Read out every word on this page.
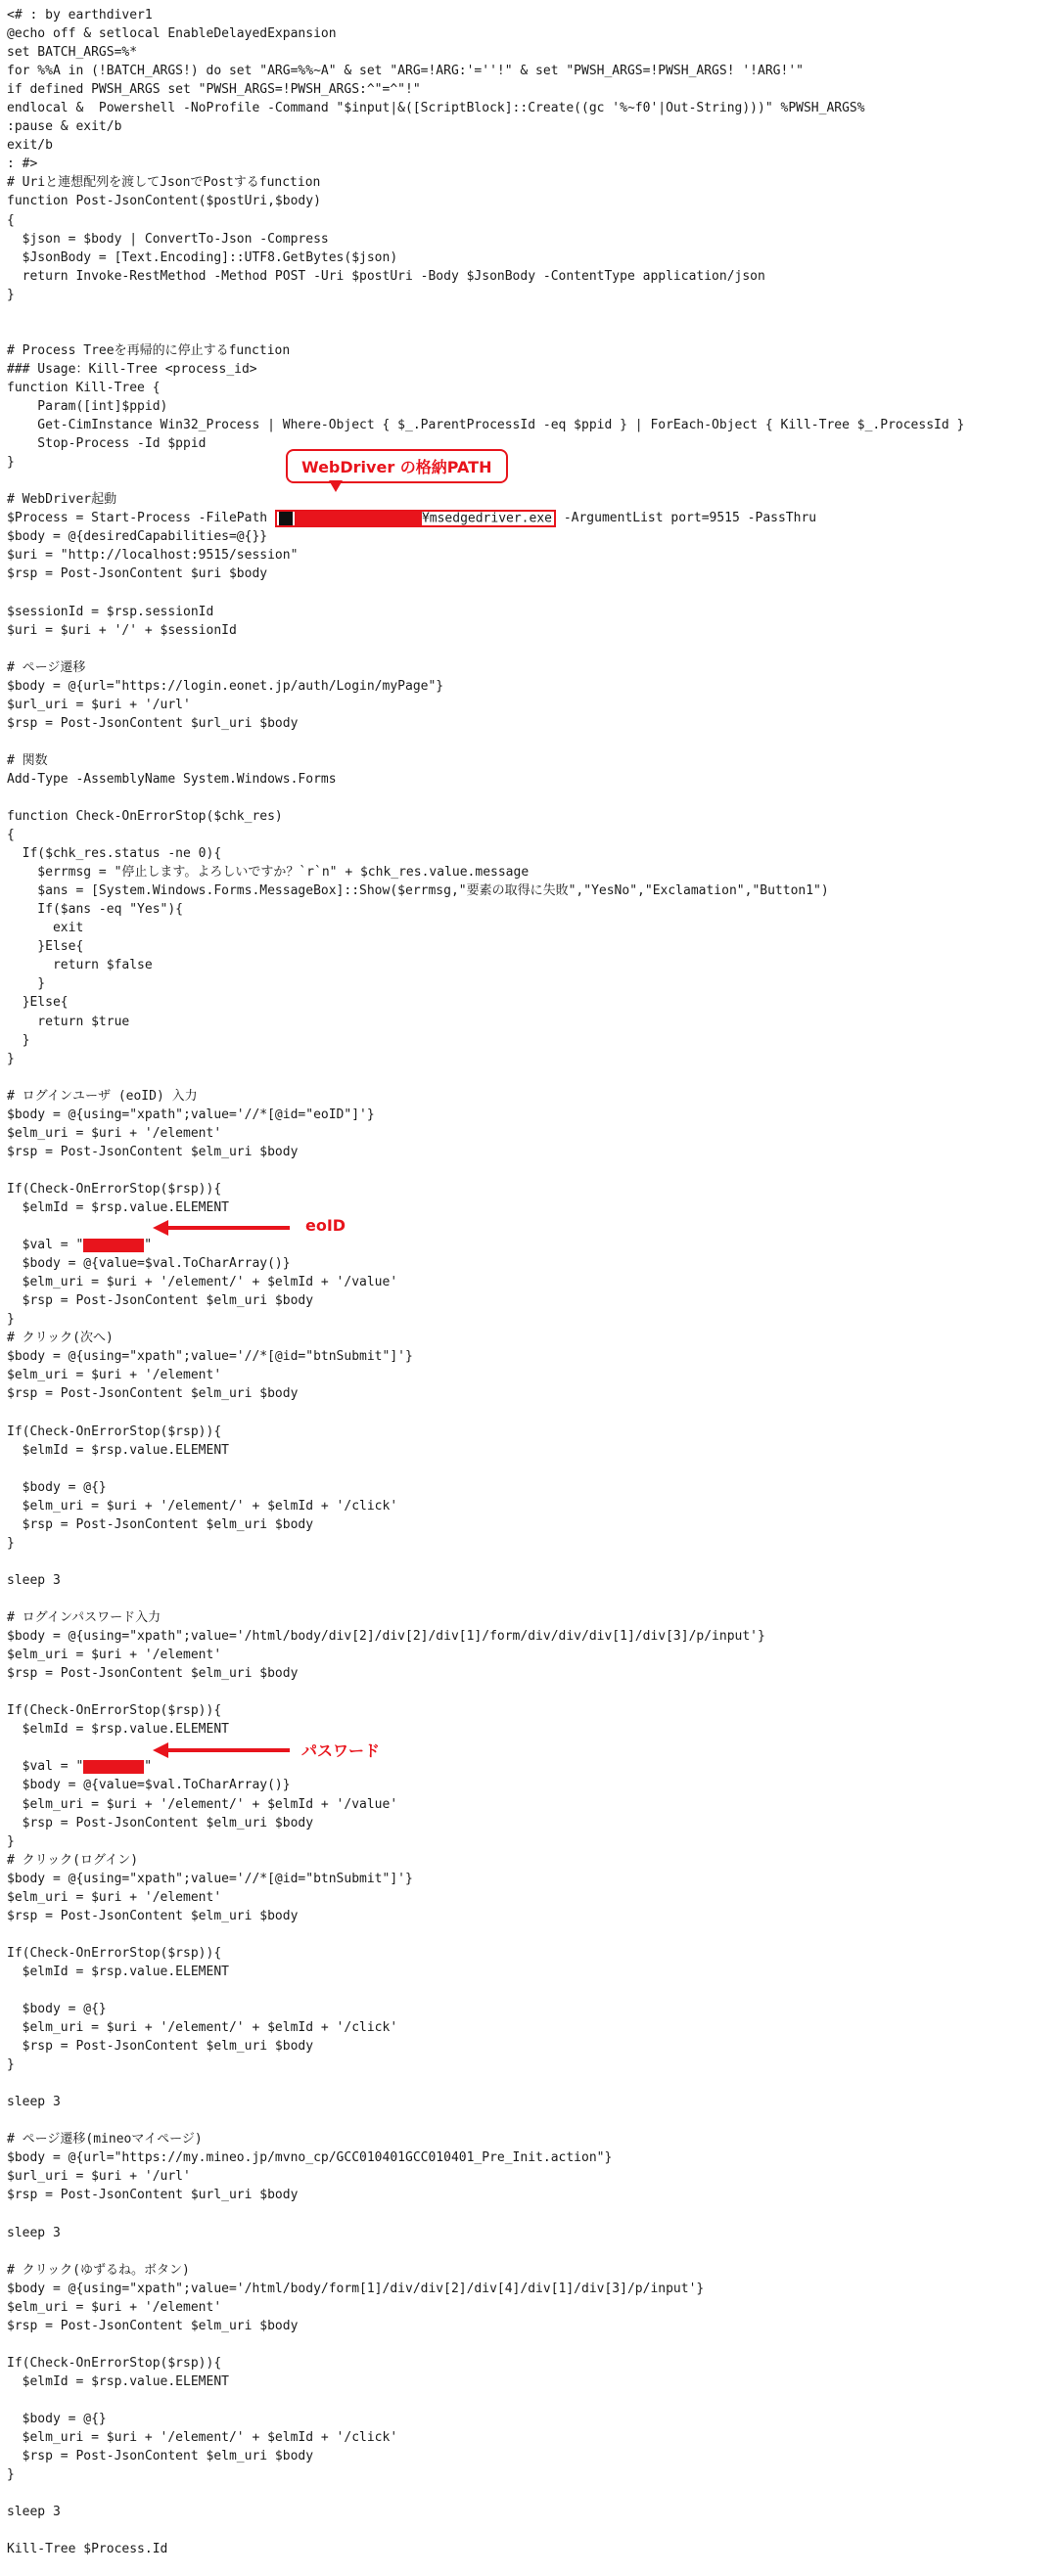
<# : by earthdiver1
@echo off & setlocal EnableDelayedExpansion
set BATCH_ARGS=%*
for %%A in (!BATCH_ARGS!) do set "ARG=%%~A" & set "ARG=!ARG:'=''!" & set "PWSH_ARGS=!PWSH_ARGS! '!ARG!'"
if defined PWSH_ARGS set "PWSH_ARGS=!PWSH_ARGS:^"=^"!"
endlocal &  Powershell -NoProfile -Command "$input|&([ScriptBlock]::Create((gc '%~f0'|Out-String)))" %PWSH_ARGS%
:pause & exit/b
exit/b
: #>
# Uriと連想配列を渡してJsonでPostするfunction
function Post-JsonContent($postUri,$body)
{
$json = $body | ConvertTo-Json -Compress
$JsonBody = [Text.Encoding]::UTF8.GetBytes($json)
return Invoke-RestMethod -Method POST -Uri $postUri -Body $JsonBody -ContentType application/json
}
# Process Treeを再帰的に停止するfunction
### Usage：Kill-Tree <process_id>
function Kill-Tree {
Param([int]$ppid)
Get-CimInstance Win32_Process | Where-Object { $_.ParentProcessId -eq $ppid } | ForEach-Object { Kill-Tree $_.ProcessId }
Stop-Process -Id $ppid
}
# WebDriver起動
$Process = Start-Process -FilePath	¥msedgedriver.exe -ArgumentList port=9515 -PassThru
$body = @{desiredCapabilities=@{}}
$uri = "http://localhost:9515/session"
$rsp = Post-JsonContent $uri $body
$sessionId = $rsp.sessionId
$uri = $uri + '/' + $sessionId
# ページ遷移
$body = @{url="https://login.eonet.jp/auth/Login/myPage"}
$url_uri = $uri + '/url'
$rsp = Post-JsonContent $url_uri $body
# 関数
Add-Type -AssemblyName System.Windows.Forms
function Check-OnErrorStop($chk_res)
{
If($chk_res.status -ne 0){
$errmsg = "停止します。よろしいですか？`r`n" + $chk_res.value.message
$ans = [System.Windows.Forms.MessageBox]::Show($errmsg,"要素の取得に失敗","YesNo","Exclamation","Button1")
If($ans -eq "Yes"){
exit
}Else{
return $false
}
}Else{
return $true
}
}
# ログインユーザ (eoID) 入力
$body = @{using="xpath";value='//*[@id="eoID"]'}
$elm_uri = $uri + '/element'
$rsp = Post-JsonContent $elm_uri $body
If(Check-OnErrorStop($rsp)){
$elmId = $rsp.value.ELEMENT
$val = "	"
$body = @{value=$val.ToCharArray()}
$elm_uri = $uri + '/element/' + $elmId + '/value'
$rsp = Post-JsonContent $elm_uri $body
}
# クリック(次へ)
$body = @{using="xpath";value='//*[@id="btnSubmit"]'}
$elm_uri = $uri + '/element'
$rsp = Post-JsonContent $elm_uri $body
If(Check-OnErrorStop($rsp)){
$elmId = $rsp.value.ELEMENT
$body = @{}
$elm_uri = $uri + '/element/' + $elmId + '/click'
$rsp = Post-JsonContent $elm_uri $body
}
sleep 3
# ログインパスワード入力
$body = @{using="xpath";value='/html/body/div[2]/div[2]/div[1]/form/div/div/div[1]/div[3]/p/input'}
$elm_uri = $uri + '/element'
$rsp = Post-JsonContent $elm_uri $body
If(Check-OnErrorStop($rsp)){
$elmId = $rsp.value.ELEMENT
$val = "	"
$body = @{value=$val.ToCharArray()}
$elm_uri = $uri + '/element/' + $elmId + '/value'
$rsp = Post-JsonContent $elm_uri $body
}
# クリック(ログイン)
$body = @{using="xpath";value='//*[@id="btnSubmit"]'}
$elm_uri = $uri + '/element'
$rsp = Post-JsonContent $elm_uri $body
If(Check-OnErrorStop($rsp)){
$elmId = $rsp.value.ELEMENT
$body = @{}
$elm_uri = $uri + '/element/' + $elmId + '/click'
$rsp = Post-JsonContent $elm_uri $body
}
sleep 3
# ページ遷移(mineoマイページ)
$body = @{url="https://my.mineo.jp/mvno_cp/GCC010401GCC010401_Pre_Init.action"}
$url_uri = $uri + '/url'
$rsp = Post-JsonContent $url_uri $body
sleep 3
# クリック(ゆずるね。ボタン)
$body = @{using="xpath";value='/html/body/form[1]/div/div[2]/div[4]/div[1]/div[3]/p/input'}
$elm_uri = $uri + '/element'
$rsp = Post-JsonContent $elm_uri $body
If(Check-OnErrorStop($rsp)){
$elmId = $rsp.value.ELEMENT
$body = @{}
$elm_uri = $uri + '/element/' + $elmId + '/click'
$rsp = Post-JsonContent $elm_uri $body
}
sleep 3
Kill-Tree $Process.Id
WebDriver の格納PATH
eoID
パスワード
